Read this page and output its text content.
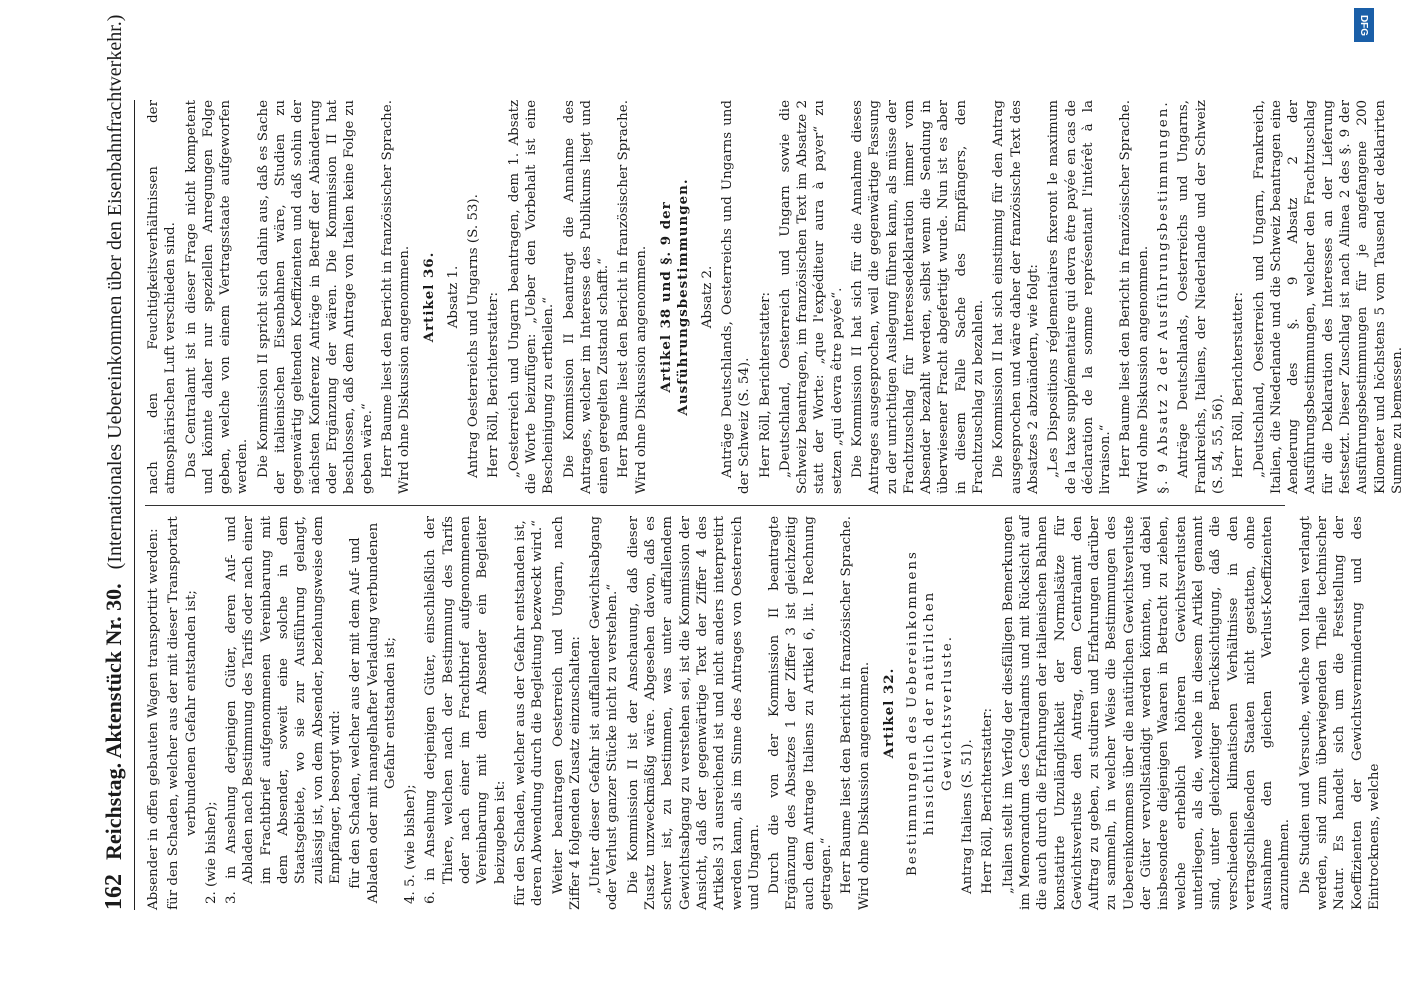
162
Reichstag. Aktenstück Nr. 30.
(Internationales Uebereinkommen über den Eisenbahnfrachtverkehr.)

Absender in offen gebauten Wagen transportirt werden: für den Schaden, welcher aus der mit dieser Transportart verbundenen Gefahr entstanden ist;

2. (wie bisher); 3. in Ansehung derjenigen Güter, deren Auf- und Abladen nach Bestimmung des Tarifs oder nach einer im Frachtbrief aufgenommenen Vereinbarung mit dem Absender, soweit eine solche in dem Staatsgebiete, wo sie zur Ausführung gelangt, zulässig ist, von dem Absender, beziehungsweise dem Empfänger, besorgt wird: für den Schaden, welcher aus der mit dem Auf- und Abladen oder mit mangelhafter Verladung verbundenen Gefahr entstanden ist;

4. 5. (wie bisher); 6. in Ansehung derjenigen Güter, einschließlich der Thiere, welchen nach der Bestimmung des Tarifs oder nach einer im Frachtbrief aufgenommenen Vereinbarung mit dem Absender ein Begleiter beizugeben ist: für den Schaden, welcher aus der Gefahr entstanden ist, deren Abwendung durch die Begleitung bezweckt wird.“ Weiter beantragen Oesterreich und Ungarn, nach Ziffer 4 folgenden Zusatz einzuschalten: „Unter dieser Gefahr ist auffallender Gewichtsabgang oder Verlust ganzer Stücke nicht zu verstehen.“ Die Kommission II ist der Anschauung, daß dieser Zusatz unzweckmäßig wäre. Abgesehen davon, daß es schwer ist, zu bestimmen, was unter auffallendem Gewichtsabgang zu verstehen sei, ist die Kommission der Ansicht, daß der gegenwärtige Text der Ziffer 4 des Artikels 31 ausreichend ist und nicht anders interpretirt werden kann, als im Sinne des Antrages von Oesterreich und Ungarn. Durch die von der Kommission II beantragte Ergänzung des Absatzes 1 der Ziffer 3 ist gleichzeitig auch dem Antrage Italiens zu Artikel 6, lit. l Rechnung getragen.“ Herr Baume liest den Bericht in französischer Sprache. Wird ohne Diskussion angenommen. Artikel 32. Bestimmungen des Uebereinkommens hinsichtlich der natürlichen Gewichtsverluste.

Antrag Italiens (S. 51). Herr Röll, Berichterstatter: „Italien stellt im Verfolg der diesfälligen Bemerkungen im Memorandum des Centralamts und mit Rücksicht auf die auch durch die Erfahrungen der italienischen Bahnen konstatirte Unzulänglichkeit der Normalsätze für Gewichtsverluste den Antrag, dem Centralamt den Auftrag zu geben, zu studiren und Erfahrungen darüber zu sammeln, in welcher Weise die Bestimmungen des Uebereinkommens über die natürlichen Gewichtsverluste der Güter vervollständigt werden könnten, und dabei insbesondere diejenigen Waaren in Betracht zu ziehen, welche erheblich höheren Gewichtsverlusten unterliegen, als die, welche in diesem Artikel genannt sind, unter gleichzeitiger Berücksichtigung, daß die verschiedenen klimatischen Verhältnisse in den vertragschließenden Staaten nicht gestatten, ohne Ausnahme den gleichen Verlust-Koeffizienten anzunehmen. Die Studien und Versuche, welche von Italien verlangt werden, sind zum überwiegenden Theile technischer Natur. Es handelt sich um die Feststellung der Koeffizienten der Gewichtsverminderung und des Eintrocknens, welche

nach den Feuchtigkeitsverhältnissen der atmosphärischen Luft verschieden sind. Das Centralamt ist in dieser Frage nicht kompetent und könnte daher nur speziellen Anregungen Folge geben, welche von einem Vertragsstaate aufgeworfen werden. Die Kommission II spricht sich dahin aus, daß es Sache der italienischen Eisenbahnen wäre, Studien zu gegenwärtig geltenden Koeffizienten und daß sohin der nächsten Konferenz Anträge in Betreff der Abänderung oder Ergänzung der wären. Die Kommission II hat beschlossen, daß dem Antrage von Italien keine Folge zu geben wäre.“ Herr Baume liest den Bericht in französischer Sprache. Wird ohne Diskussion angenommen. Artikel 36. Absatz 1. Antrag Oesterreichs und Ungarns (S. 53). Herr Röll, Berichterstatter: „Oesterreich und Ungarn beantragen, dem 1. Absatz die Worte beizufügen: „Ueber den Vorbehalt ist eine Bescheinigung zu ertheilen.“ Die Kommission II beantragt die Annahme des Antrages, welcher im Interesse des Publikums liegt und einen geregelten Zustand schafft.“ Herr Baume liest den Bericht in französischer Sprache. Wird ohne Diskussion angenommen. Artikel 38 und §. 9 der Ausführungsbestimmungen. Absatz 2. Anträge Deutschlands, Oesterreichs und Ungarns und der Schweiz (S. 54). Herr Röll, Berichterstatter: „Deutschland, Oesterreich und Ungarn sowie die Schweiz beantragen, im französischen Text im Absatze 2 statt der Worte: „que l'expéditeur aura à payer“ zu setzen „qui devra être payée“. Die Kommission II hat sich für die Annahme dieses Antrages ausgesprochen, weil die gegenwärtige Fassung zu der unrichtigen Auslegung führen kann, als müsse der Frachtzuschlag für Interessedeklaration immer vom Absender bezahlt werden, selbst wenn die Sendung in überwiesener Fracht abgefertigt wurde. Nun ist es aber in diesem Falle Sache des Empfängers, den Frachtzuschlag zu bezahlen. Die Kommission II hat sich einstimmig für den Antrag ausgesprochen und wäre daher der französische Text des Absatzes 2 abzuändern, wie folgt: „Les Dispositions réglementaires fixeront le maximum de la taxe supplémentaire qui devra être payée en cas de déclaration de la somme représentant l'intérêt à la livraison.“ Herr Baume liest den Bericht in französischer Sprache. Wird ohne Diskussion angenommen. §. 9 Absatz 2 der Ausführungsbestimmungen. Anträge Deutschlands, Oesterreichs und Ungarns, Frankreichs, Italiens, der Niederlande und der Schweiz (S. 54, 55, 56). Herr Röll, Berichterstatter: „Deutschland, Oesterreich und Ungarn, Frankreich, Italien, die Niederlande und die Schweiz beantragen eine Aenderung des §. 9 Absatz 2 der Ausführungsbestimmungen, welcher den Frachtzuschlag für die Deklaration des Interesses an der Lieferung festsetzt. Dieser Zuschlag ist nach Alinea 2 des §. 9 der Ausführungsbestimmungen für je angefangene 200 Kilometer und höchstens 5 vom Tausend der deklarirten Summe zu bemessen.

DFG
